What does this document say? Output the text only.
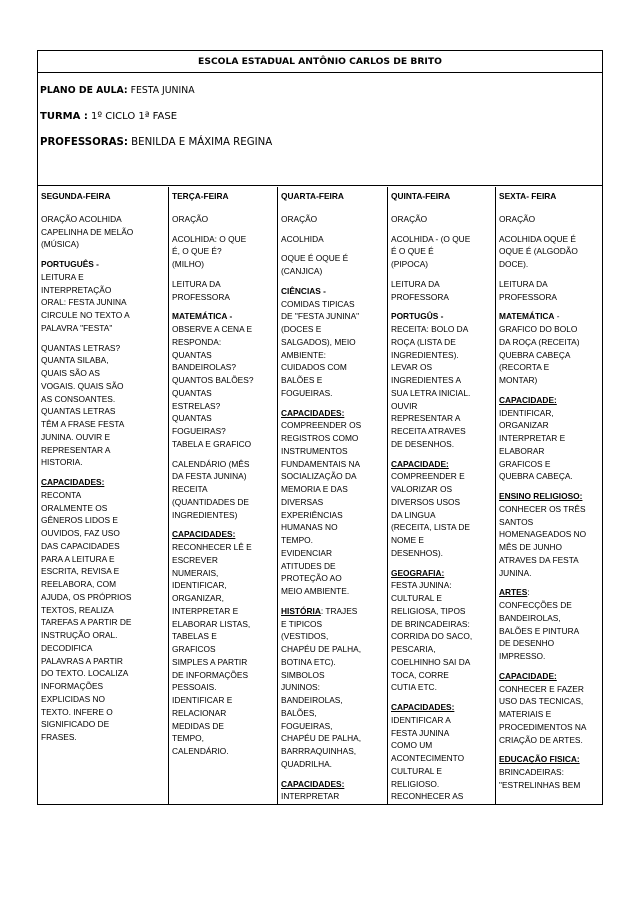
ESCOLA ESTADUAL ANTÔNIO CARLOS DE BRITO
PLANO DE AULA: FESTA JUNINA
TURMA : 1º CICLO 1ª FASE
PROFESSORAS: BENILDA E MÁXIMA REGINA
SEGUNDA-FEIRA
ORAÇÃO ACOLHIDA
CAPELINHA DE MELÃO
(MÚSICA)
PORTUGUÊS -
LEITURA E
INTERPRETAÇÃO
ORAL: FESTA JUNINA
CIRCULE NO TEXTO A
PALAVRA "FESTA"
QUANTAS LETRAS?
QUANTA SILABA,
QUAIS SÃO AS
VOGAIS. QUAIS SÃO
AS CONSOANTES.
QUANTAS LETRAS
TÊM A FRASE FESTA
JUNINA. OUVIR E
REPRESENTAR A
HISTORIA.
CAPACIDADES:
RECONTA
ORALMENTE OS
GÊNEROS LIDOS E
OUVIDOS, FAZ USO
DAS CAPACIDADES
PARA A LEITURA E
ESCRITA, REVISA E
REELABORA, COM
AJUDA, OS PRÓPRIOS
TEXTOS, REALIZA
TAREFAS A PARTIR DE
INSTRUÇÃO ORAL.
DECODIFICA
PALAVRAS A PARTIR
DO TEXTO. LOCALIZA
INFORMAÇÕES
EXPLICIDAS NO
TEXTO. INFERE O
SIGNIFICADO DE
FRASES.
TERÇA-FEIRA
ORAÇÃO
ACOLHIDA: O QUE
É, O QUE É?
(MILHO)
LEITURA DA
PROFESSORA
MATEMÁTICA -
OBSERVE A CENA E
RESPONDA:
QUANTAS
BANDEIROLAS?
QUANTOS BALÕES?
QUANTAS
ESTRELAS?
QUANTAS
FOGUEIRAS?
TABELA E GRAFICO
CALENDÁRIO (MÊS
DA FESTA JUNINA)
RECEITA
(QUANTIDADES DE
INGREDIENTES)
CAPACIDADES:
RECONHECER LÊ E
ESCREVER
NUMERAIS,
IDENTIFICAR,
ORGANIZAR,
INTERPRETAR E
ELABORAR LISTAS,
TABELAS E
GRAFICOS
SIMPLES A PARTIR
DE INFORMAÇÕES
PESSOAIS.
IDENTIFICAR E
RELACIONAR
MEDIDAS DE
TEMPO,
CALENDÁRIO.
QUARTA-FEIRA
ORAÇÃO
ACOLHIDA
OQUE É OQUE É
(CANJICA)
CIÊNCIAS -
COMIDAS TIPICAS
DE "FESTA JUNINA"
(DOCES E
SALGADOS), MEIO
AMBIENTE:
CUIDADOS COM
BALÕES E
FOGUEIRAS.
CAPACIDADES:
COMPREENDER OS
REGISTROS COMO
INSTRUMENTOS
FUNDAMENTAIS NA
SOCIALIZAÇÃO DA
MEMORIA E DAS
DIVERSAS
EXPERIÊNCIAS
HUMANAS NO
TEMPO.
EVIDENCIAR
ATITUDES DE
PROTEÇÃO AO
MEIO AMBIENTE.
HISTÓRIA: TRAJES
E TIPICOS
(VESTIDOS,
CHAPÉU DE PALHA,
BOTINA ETC).
SIMBOLOS
JUNINOS:
BANDEIROLAS,
BALÕES,
FOGUEIRAS,
CHAPÉU DE PALHA,
BARRRAQUINHAS,
QUADRILHA.
CAPACIDADES:
INTERPRETAR
QUINTA-FEIRA
ORAÇÃO
ACOLHIDA - (O QUE
É O QUE É
(PIPOCA)
LEITURA DA
PROFESSORA
PORTUGÛS -
RECEITA: BOLO DA
ROÇA (LISTA DE
INGREDIENTES).
LEVAR OS
INGREDIENTES A
SUA LETRA INICIAL.
OUVIR
REPRESENTAR A
RECEITA ATRAVES
DE DESENHOS.
CAPACIDADE:
COMPREENDER E
VALORIZAR OS
DIVERSOS USOS
DA LINGUA
(RECEITA, LISTA DE
NOME E
DESENHOS).
GEOGRAFIA:
FESTA JUNINA:
CULTURAL E
RELIGIOSA, TIPOS
DE BRINCADEIRAS:
CORRIDA DO SACO,
PESCARIA,
COELHINHO SAI DA
TOCA, CORRE
CUTIA ETC.
CAPACIDADES:
IDENTIFICAR A
FESTA JUNINA
COMO UM
ACONTECIMENTO
CULTURAL E
RELIGIOSO.
RECONHECER AS
SEXTA- FEIRA
ORAÇÃO
ACOLHIDA OQUE É
OQUE É (ALGODÃO
DOCE).
LEITURA DA
PROFESSORA
MATEMÁTICA -
GRAFICO DO BOLO
DA ROÇA (RECEITA)
QUEBRA CABEÇA
(RECORTA E
MONTAR)
CAPACIDADE:
IDENTIFICAR,
ORGANIZAR
INTERPRETAR E
ELABORAR
GRAFICOS E
QUEBRA CABEÇA.
ENSINO RELIGIOSO:
CONHECER OS TRÊS
SANTOS
HOMENAGEADOS NO
MÊS DE JUNHO
ATRAVES DA FESTA
JUNINA.
ARTES:
CONFECÇÕES DE
BANDEIROLAS,
BALÕES E PINTURA
DE DESENHO
IMPRESSO.
CAPACIDADE:
CONHECER E FAZER
USO DAS TECNICAS,
MATERIAIS E
PROCEDIMENTOS NA
CRIAÇÃO DE ARTES.
EDUCAÇÃO FISICA:
BRINCADEIRAS:
"ESTRELINHAS BEM
